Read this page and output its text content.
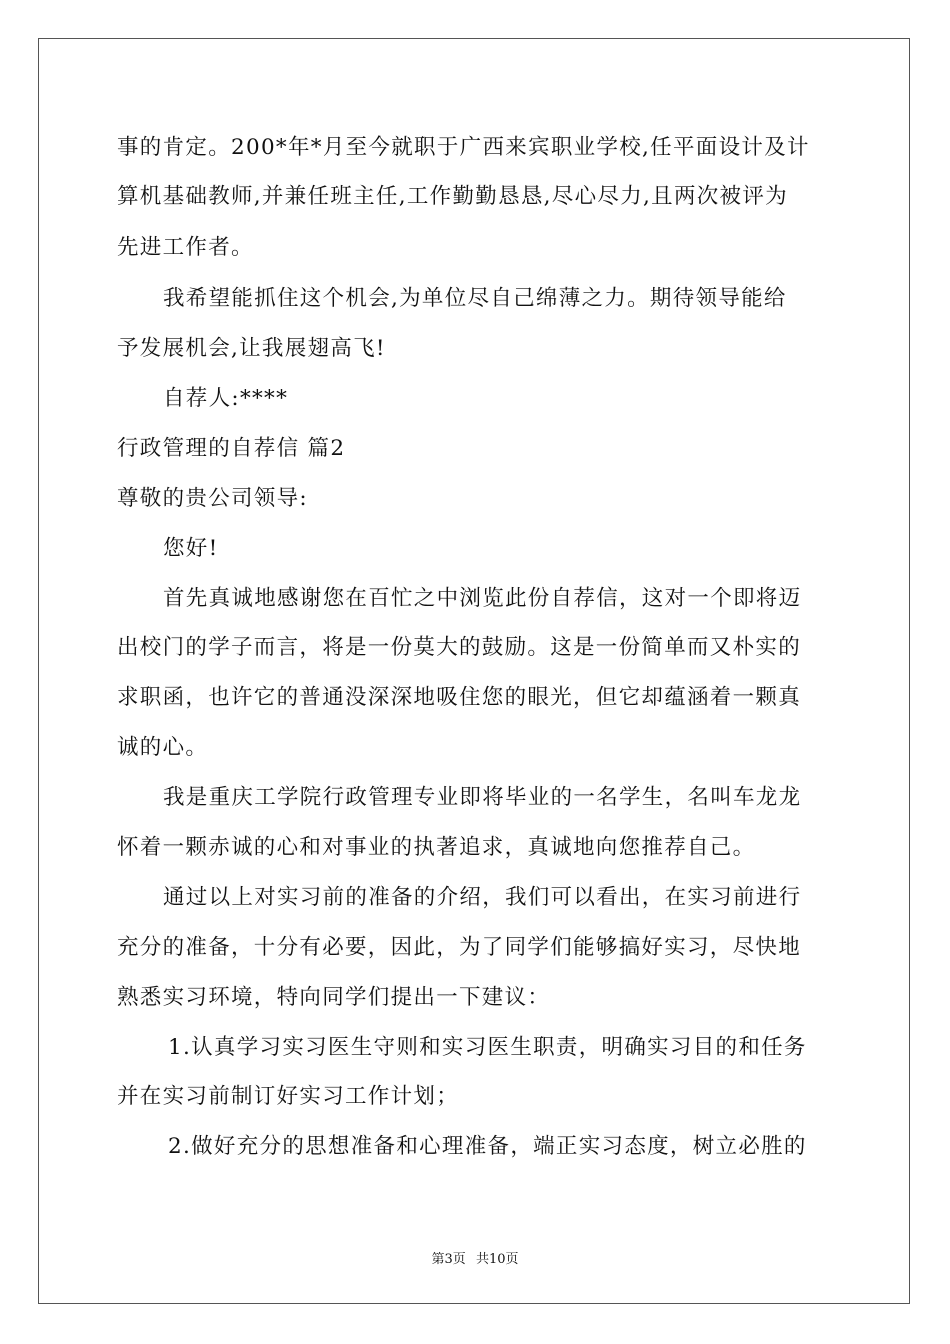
事的肯定。200*年*月至今就职于广西来宾职业学校,任平面设计及计
算机基础教师,并兼任班主任,工作勤勤恳恳,尽心尽力,且两次被评为
先进工作者。
我希望能抓住这个机会,为单位尽自己绵薄之力。期待领导能给
予发展机会,让我展翅高飞!
自荐人:****
行政管理的自荐信 篇2
尊敬的贵公司领导:
您好!
首先真诚地感谢您在百忙之中浏览此份自荐信，这对一个即将迈
出校门的学子而言，将是一份莫大的鼓励。这是一份简单而又朴实的
求职函，也许它的普通没深深地吸住您的眼光，但它却蕴涵着一颗真
诚的心。
我是重庆工学院行政管理专业即将毕业的一名学生，名叫车龙龙
怀着一颗赤诚的心和对事业的执著追求，真诚地向您推荐自己。
通过以上对实习前的准备的介绍，我们可以看出，在实习前进行
充分的准备，十分有必要，因此，为了同学们能够搞好实习，尽快地
熟悉实习环境，特向同学们提出一下建议：
1.认真学习实习医生守则和实习医生职责，明确实习目的和任务
并在实习前制订好实习工作计划；
2.做好充分的思想准备和心理准备，端正实习态度，树立必胜的
第3页 共10页
